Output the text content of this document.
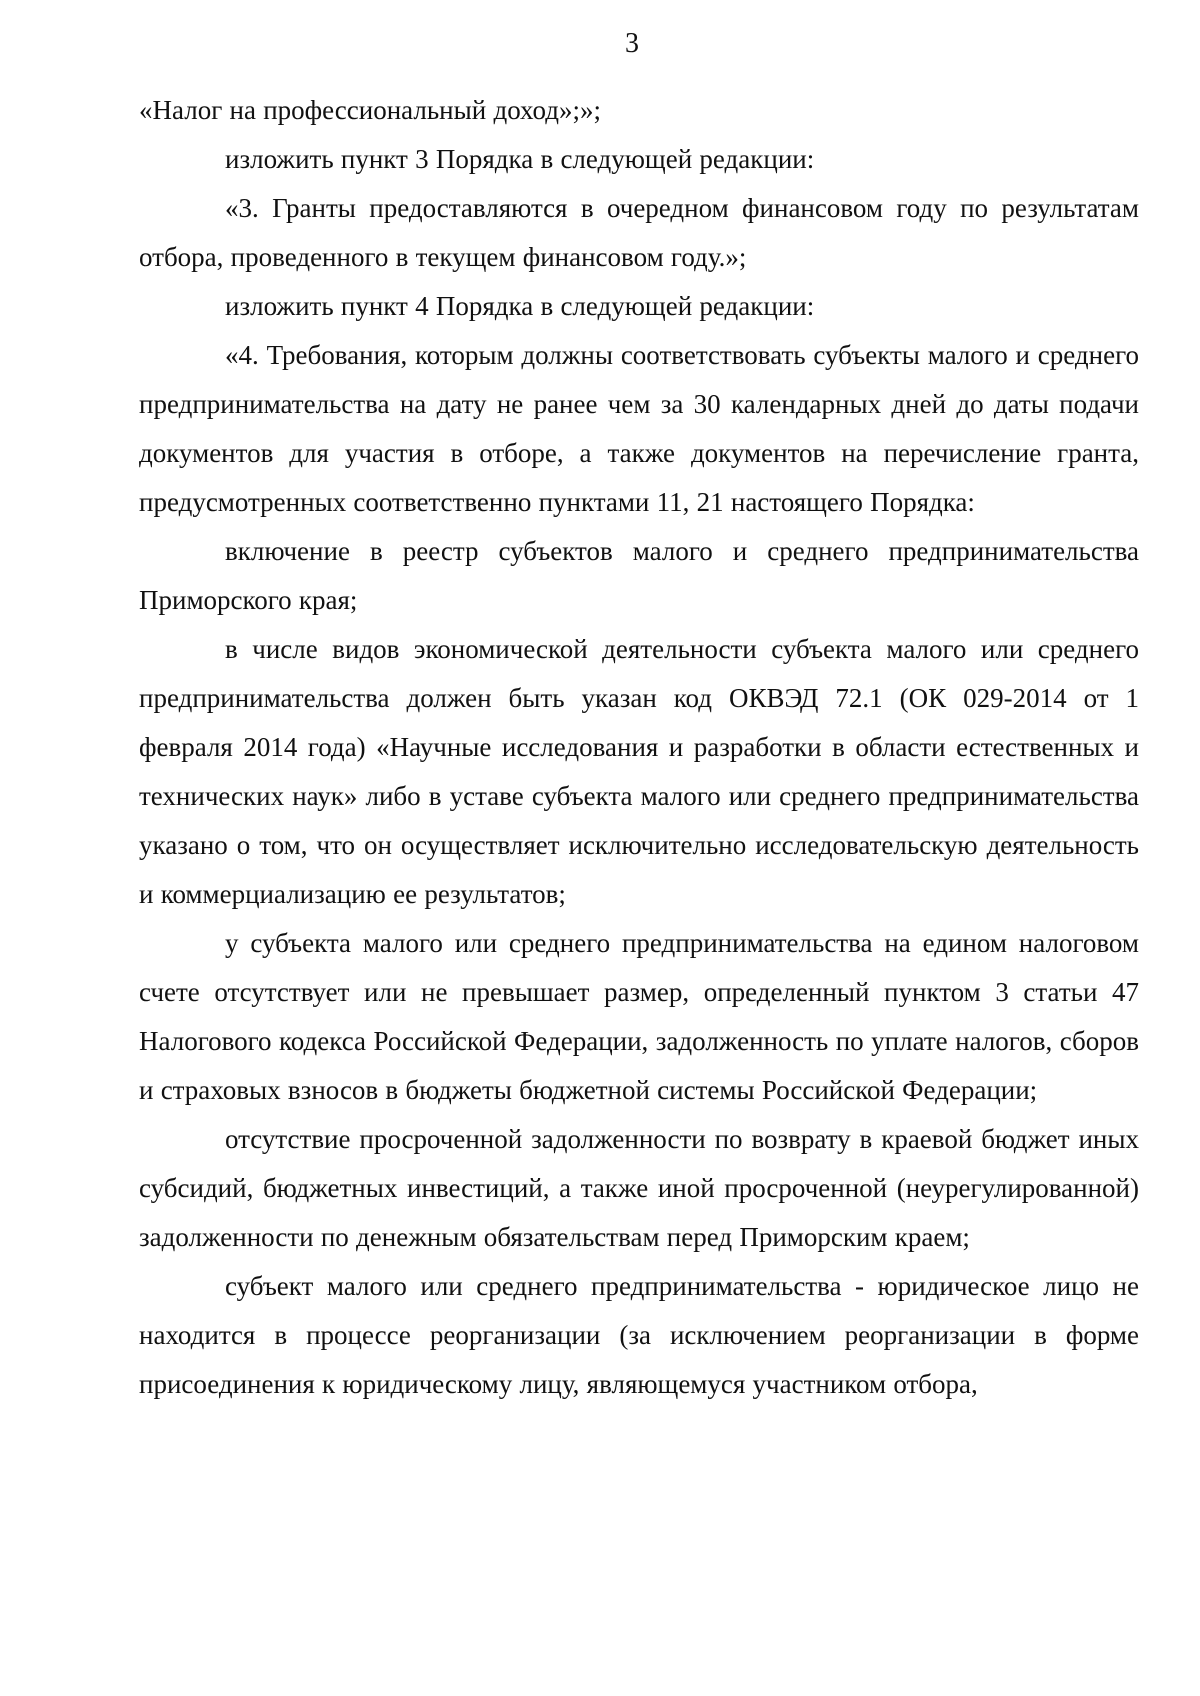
3

«Налог на профессиональный доход»;»;

изложить пункт 3 Порядка в следующей редакции:

«3. Гранты предоставляются в очередном финансовом году по результатам отбора, проведенного в текущем финансовом году.»;

изложить пункт 4 Порядка в следующей редакции:

«4. Требования, которым должны соответствовать субъекты малого и среднего предпринимательства на дату не ранее чем за 30 календарных дней до даты подачи документов для участия в отборе, а также документов на перечисление гранта, предусмотренных соответственно пунктами 11, 21 настоящего Порядка:

включение в реестр субъектов малого и среднего предпринимательства Приморского края;

в числе видов экономической деятельности субъекта малого или среднего предпринимательства должен быть указан код ОКВЭД 72.1 (ОК 029-2014 от 1 февраля 2014 года) «Научные исследования и разработки в области естественных и технических наук» либо в уставе субъекта малого или среднего предпринимательства указано о том, что он осуществляет исключительно исследовательскую деятельность и коммерциализацию ее результатов;

у субъекта малого или среднего предпринимательства на едином налоговом счете отсутствует или не превышает размер, определенный пунктом 3 статьи 47 Налогового кодекса Российской Федерации, задолженность по уплате налогов, сборов и страховых взносов в бюджеты бюджетной системы Российской Федерации;

отсутствие просроченной задолженности по возврату в краевой бюджет иных субсидий, бюджетных инвестиций, а также иной просроченной (неурегулированной) задолженности по денежным обязательствам перед Приморским краем;

субъект малого или среднего предпринимательства - юридическое лицо не находится в процессе реорганизации (за исключением реорганизации в форме присоединения к юридическому лицу, являющемуся участником отбора,
